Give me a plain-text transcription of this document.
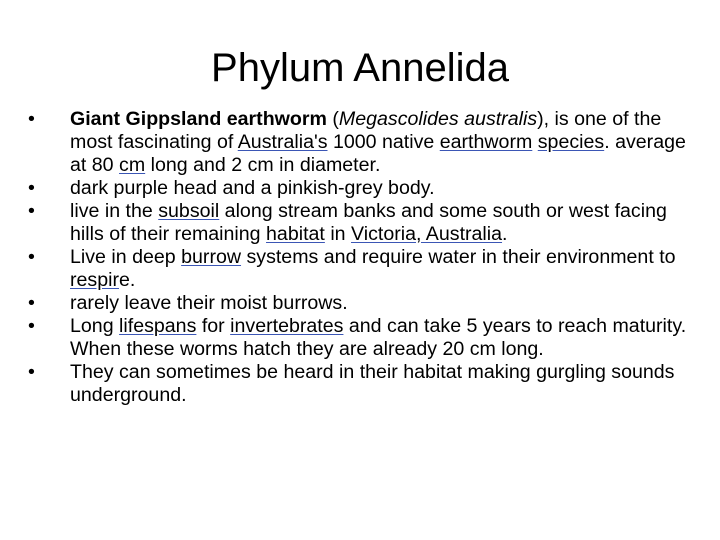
Phylum Annelida
• Giant Gippsland earthworm (Megascolides australis), is one of the most fascinating of Australia's 1000 native earthworm species. average at 80 cm long and 2 cm in diameter.
• dark purple head and a pinkish-grey body.
• live in the subsoil along stream banks and some south or west facing hills of their remaining habitat in Victoria, Australia.
• Live in deep burrow systems and require water in their environment to respire.
• rarely leave their moist burrows.
• Long lifespans for invertebrates and can take 5 years to reach maturity. When these worms hatch they are already 20 cm long.
• They can sometimes be heard in their habitat making gurgling sounds underground.
